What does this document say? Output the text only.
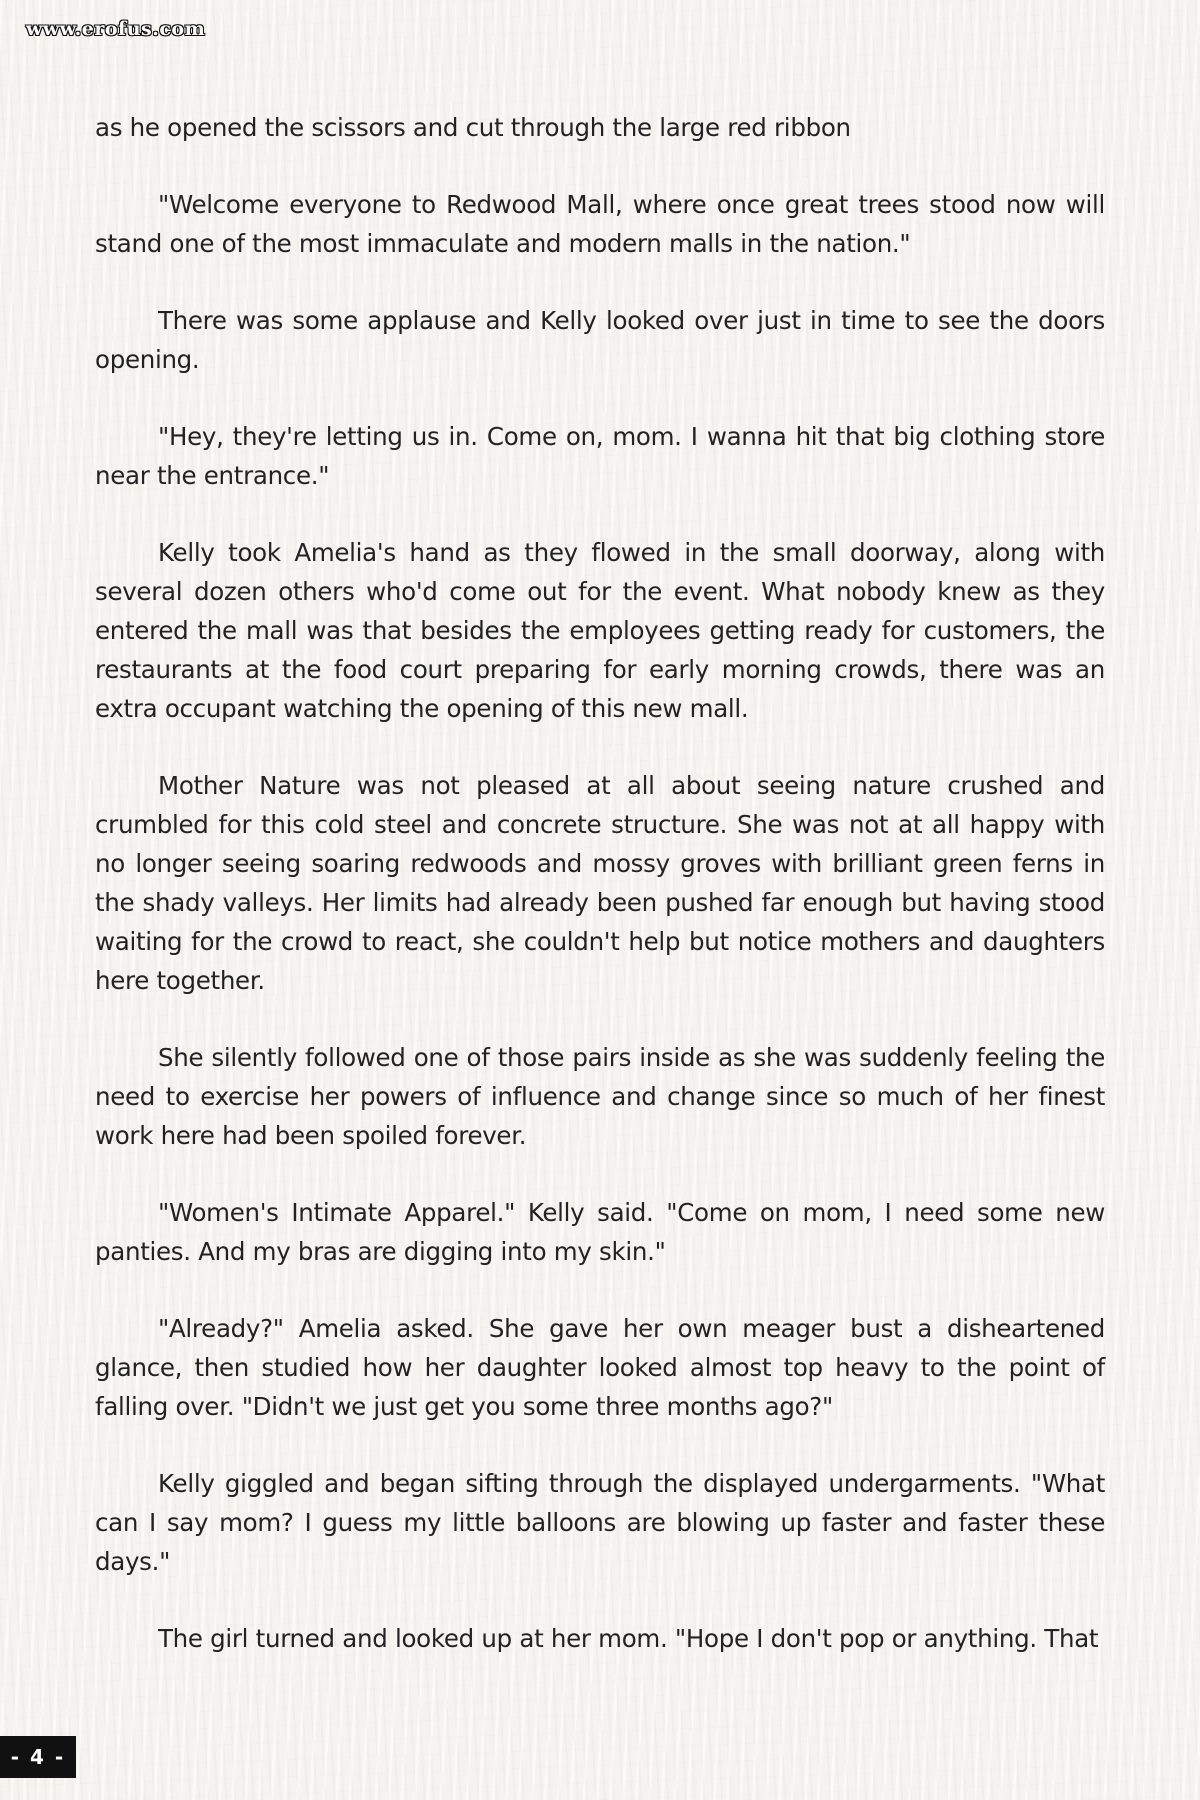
www.erofus.com

as he opened the scissors and cut through the large red ribbon

"Welcome everyone to Redwood Mall, where once great trees stood now will stand one of the most immaculate and modern malls in the nation."

There was some applause and Kelly looked over just in time to see the doors opening.

"Hey, they're letting us in. Come on, mom. I wanna hit that big clothing store near the entrance."

Kelly took Amelia's hand as they flowed in the small doorway, along with several dozen others who'd come out for the event. What nobody knew as they entered the mall was that besides the employees getting ready for customers, the restaurants at the food court preparing for early morning crowds, there was an extra occupant watching the opening of this new mall.

Mother Nature was not pleased at all about seeing nature crushed and crumbled for this cold steel and concrete structure. She was not at all happy with no longer seeing soaring redwoods and mossy groves with brilliant green ferns in the shady valleys. Her limits had already been pushed far enough but having stood waiting for the crowd to react, she couldn't help but notice mothers and daughters here together.

She silently followed one of those pairs inside as she was suddenly feeling the need to exercise her powers of influence and change since so much of her finest work here had been spoiled forever.

"Women's Intimate Apparel." Kelly said. "Come on mom, I need some new panties. And my bras are digging into my skin."

"Already?" Amelia asked. She gave her own meager bust a disheartened glance, then studied how her daughter looked almost top heavy to the point of falling over. "Didn't we just get you some three months ago?"

Kelly giggled and began sifting through the displayed undergarments. "What can I say mom? I guess my little balloons are blowing up faster and faster these days."

The girl turned and looked up at her mom. "Hope I don't pop or anything. That

- 4 -
